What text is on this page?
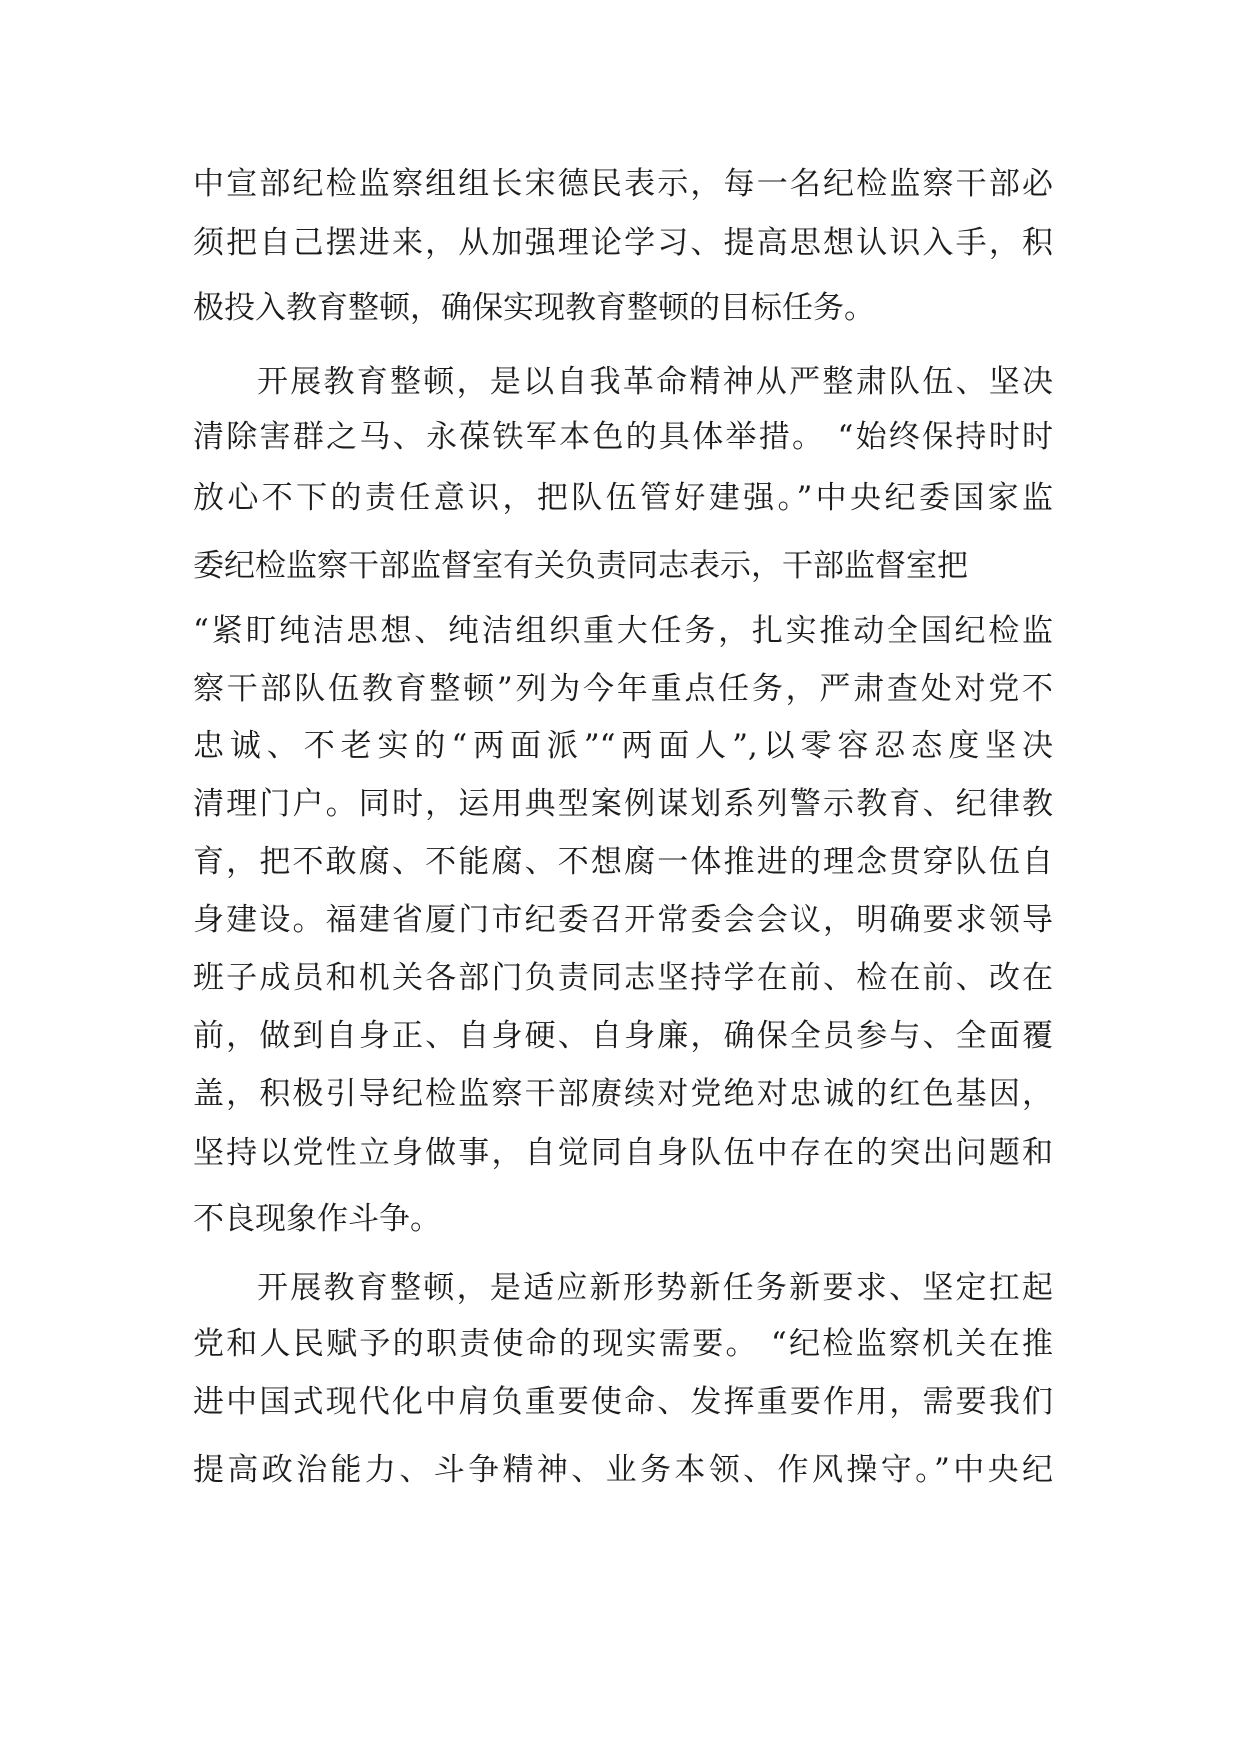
中宣部纪检监察组组长宋德民表示，每一名纪检监察干部必
须把自己摆进来，从加强理论学习、提高思想认识入手，积
极投入教育整顿，确保实现教育整顿的目标任务。
开展教育整顿，是以自我革命精神从严整肃队伍、坚决
清除害群之马、永葆铁军本色的具体举措。 “始终保持时时
放心不下的责任意识，把队伍管好建强。”中央纪委国家监
委纪检监察干部监督室有关负责同志表示，干部监督室把
“紧盯纯洁思想、纯洁组织重大任务，扎实推动全国纪检监
察干部队伍教育整顿”列为今年重点任务，严肃查处对党不
忠诚、不老实的“两面派”“两面人”,以零容忍态度坚决
清理门户。同时，运用典型案例谋划系列警示教育、纪律教
育，把不敢腐、不能腐、不想腐一体推进的理念贯穿队伍自
身建设。福建省厦门市纪委召开常委会会议，明确要求领导
班子成员和机关各部门负责同志坚持学在前、检在前、改在
前，做到自身正、自身硬、自身廉，确保全员参与、全面覆
盖，积极引导纪检监察干部赓续对党绝对忠诚的红色基因，
坚持以党性立身做事，自觉同自身队伍中存在的突出问题和
不良现象作斗争。
开展教育整顿，是适应新形势新任务新要求、坚定扛起
党和人民赋予的职责使命的现实需要。 “纪检监察机关在推
进中国式现代化中肩负重要使命、发挥重要作用，需要我们
提高政治能力、斗争精神、业务本领、作风操守。”中央纪
